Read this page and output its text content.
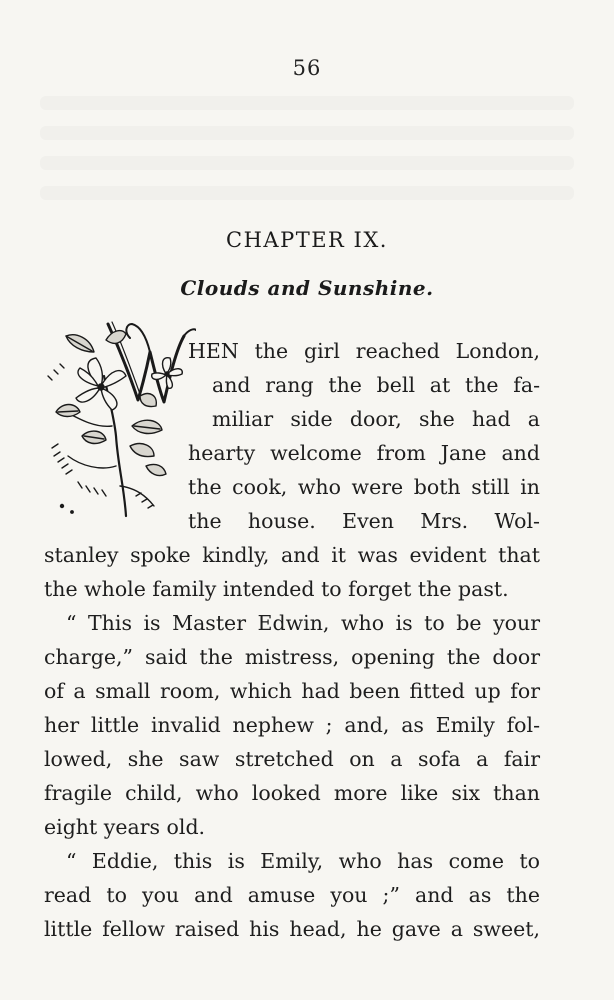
56
CHAPTER IX.
Clouds and Sunshine.
HEN the girl reached London,
and rang the bell at the fa-
miliar side door, she had a
hearty welcome from Jane and
the cook, who were both still in
the house. Even Mrs. Wol-
stanley spoke kindly, and it was evident that
the whole family intended to forget the past.
“ This is Master Edwin, who is to be your
charge,” said the mistress, opening the door
of a small room, which had been fitted up for
her little invalid nephew ; and, as Emily fol-
lowed, she saw stretched on a sofa a fair
fragile child, who looked more like six than
eight years old.
“ Eddie, this is Emily, who has come to
read to you and amuse you ;” and as the
little fellow raised his head, he gave a sweet,
